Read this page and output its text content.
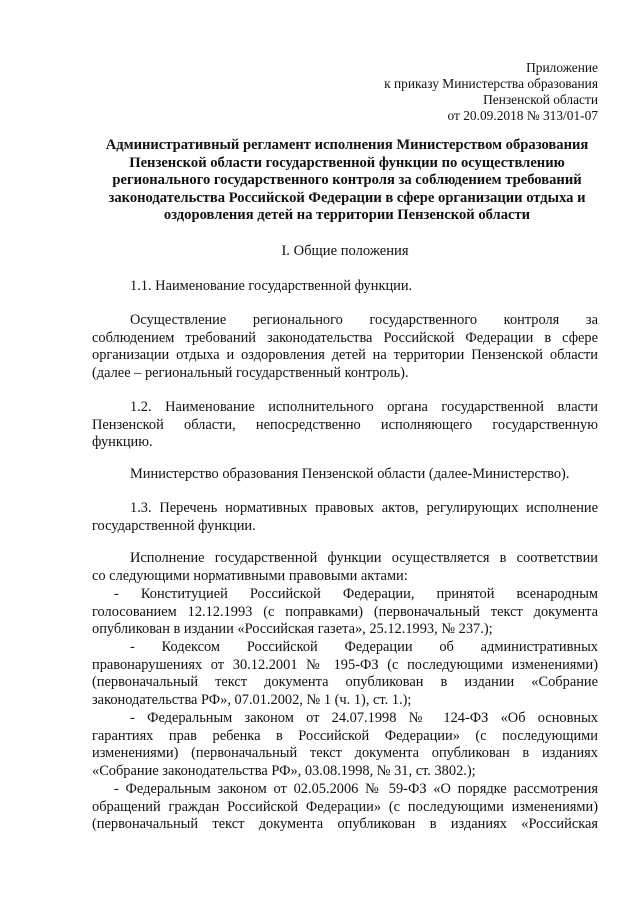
Приложение
к приказу Министерства образования
Пензенской области
от 20.09.2018 № 313/01-07
Административный регламент исполнения Министерством образования
Пензенской области государственной функции по осуществлению
регионального государственного контроля за соблюдением требований
законодательства Российской Федерации в сфере организации отдыха и
оздоровления детей на территории Пензенской области
I. Общие положения
1.1. Наименование государственной функции.
Осуществление регионального государственного контроля за
соблюдением требований законодательства Российской Федерации в сфере
организации отдыха и оздоровления детей на территории Пензенской области
(далее – региональный государственный контроль).
1.2. Наименование исполнительного органа государственной власти
Пензенской области, непосредственно исполняющего государственную
функцию.
Министерство образования Пензенской области (далее-Министерство).
1.3. Перечень нормативных правовых актов, регулирующих исполнение
государственной функции.
Исполнение государственной функции осуществляется в соответствии
со следующими нормативными правовыми актами:
- Конституцией Российской Федерации, принятой всенародным
голосованием 12.12.1993 (с поправками) (первоначальный текст документа
опубликован в издании «Российская газета», 25.12.1993, № 237.);
- Кодексом Российской Федерации об административных
правонарушениях от 30.12.2001 № 195-ФЗ (с последующими изменениями)
(первоначальный текст документа опубликован в издании «Собрание
законодательства РФ», 07.01.2002, № 1 (ч. 1), ст. 1.);
- Федеральным законом от 24.07.1998 № 124-ФЗ «Об основных
гарантиях прав ребенка в Российской Федерации» (с последующими
изменениями) (первоначальный текст документа опубликован в изданиях
«Собрание законодательства РФ», 03.08.1998, № 31, ст. 3802.);
- Федеральным законом от 02.05.2006 № 59-ФЗ «О порядке рассмотрения
обращений граждан Российской Федерации» (с последующими изменениями)
(первоначальный текст документа опубликован в изданиях «Российская
